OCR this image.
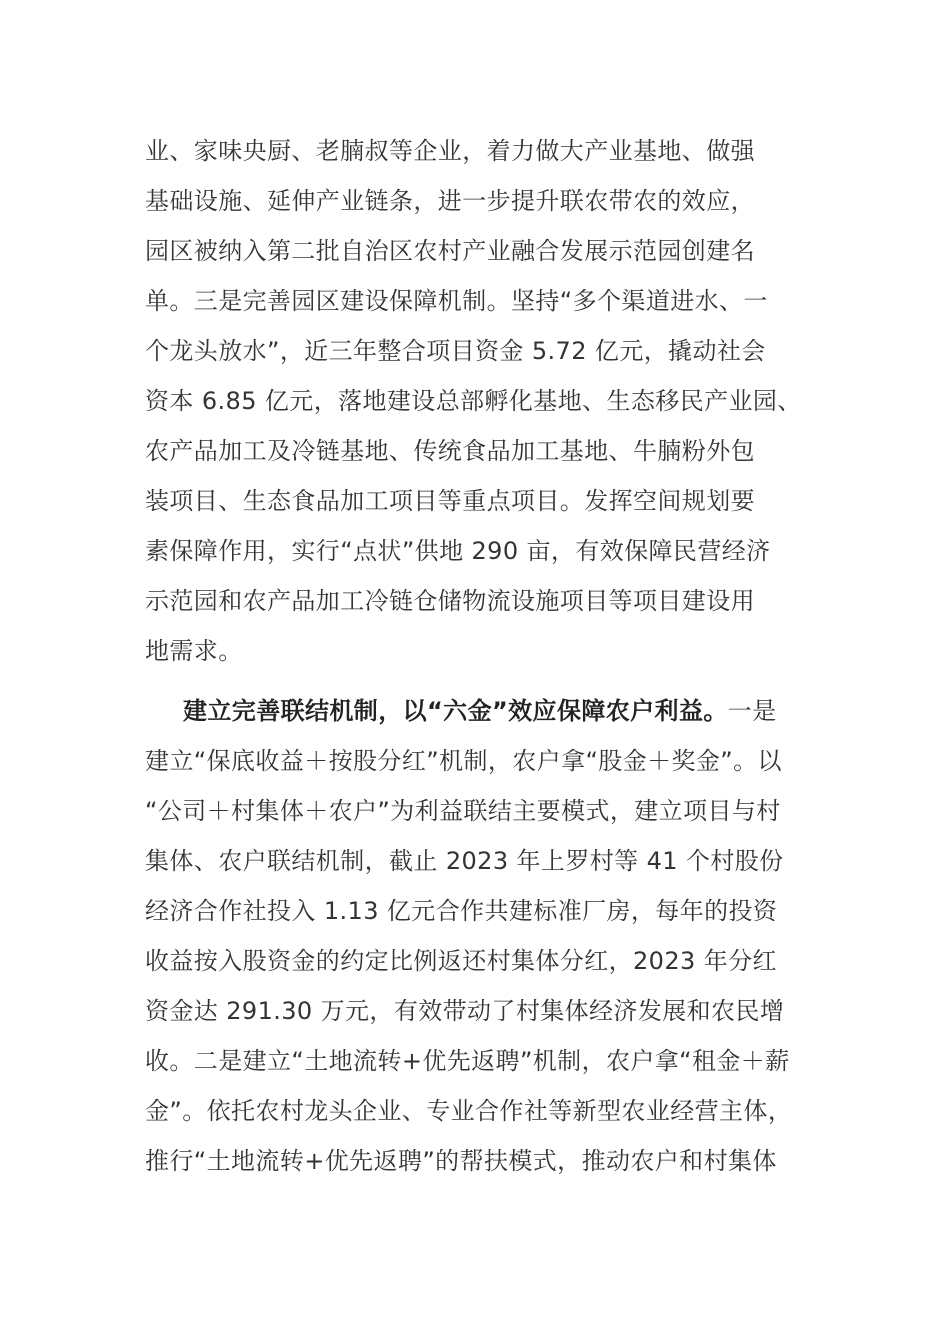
业、家味央厨、老腩叔等企业，着力做大产业基地、做强
基础设施、延伸产业链条，进一步提升联农带农的效应，
园区被纳入第二批自治区农村产业融合发展示范园创建名
单。三是完善园区建设保障机制。坚持“多个渠道进水、一
个龙头放水”，近三年整合项目资金 5.72 亿元，撬动社会
资本 6.85 亿元，落地建设总部孵化基地、生态移民产业园、
农产品加工及冷链基地、传统食品加工基地、牛腩粉外包
装项目、生态食品加工项目等重点项目。发挥空间规划要
素保障作用，实行“点状”供地 290 亩，有效保障民营经济
示范园和农产品加工冷链仓储物流设施项目等项目建设用
地需求。
建立完善联结机制，以“六金”效应保障农户利益。一是
建立“保底收益＋按股分红”机制，农户拿“股金＋奖金”。以
“公司＋村集体＋农户”为利益联结主要模式，建立项目与村
集体、农户联结机制，截止 2023 年上罗村等 41 个村股份
经济合作社投入 1.13 亿元合作共建标准厂房，每年的投资
收益按入股资金的约定比例返还村集体分红，2023 年分红
资金达 291.30 万元，有效带动了村集体经济发展和农民增
收。二是建立“土地流转+优先返聘”机制，农户拿“租金＋薪
金”。依托农村龙头企业、专业合作社等新型农业经营主体，
推行“土地流转+优先返聘”的帮扶模式，推动农户和村集体
